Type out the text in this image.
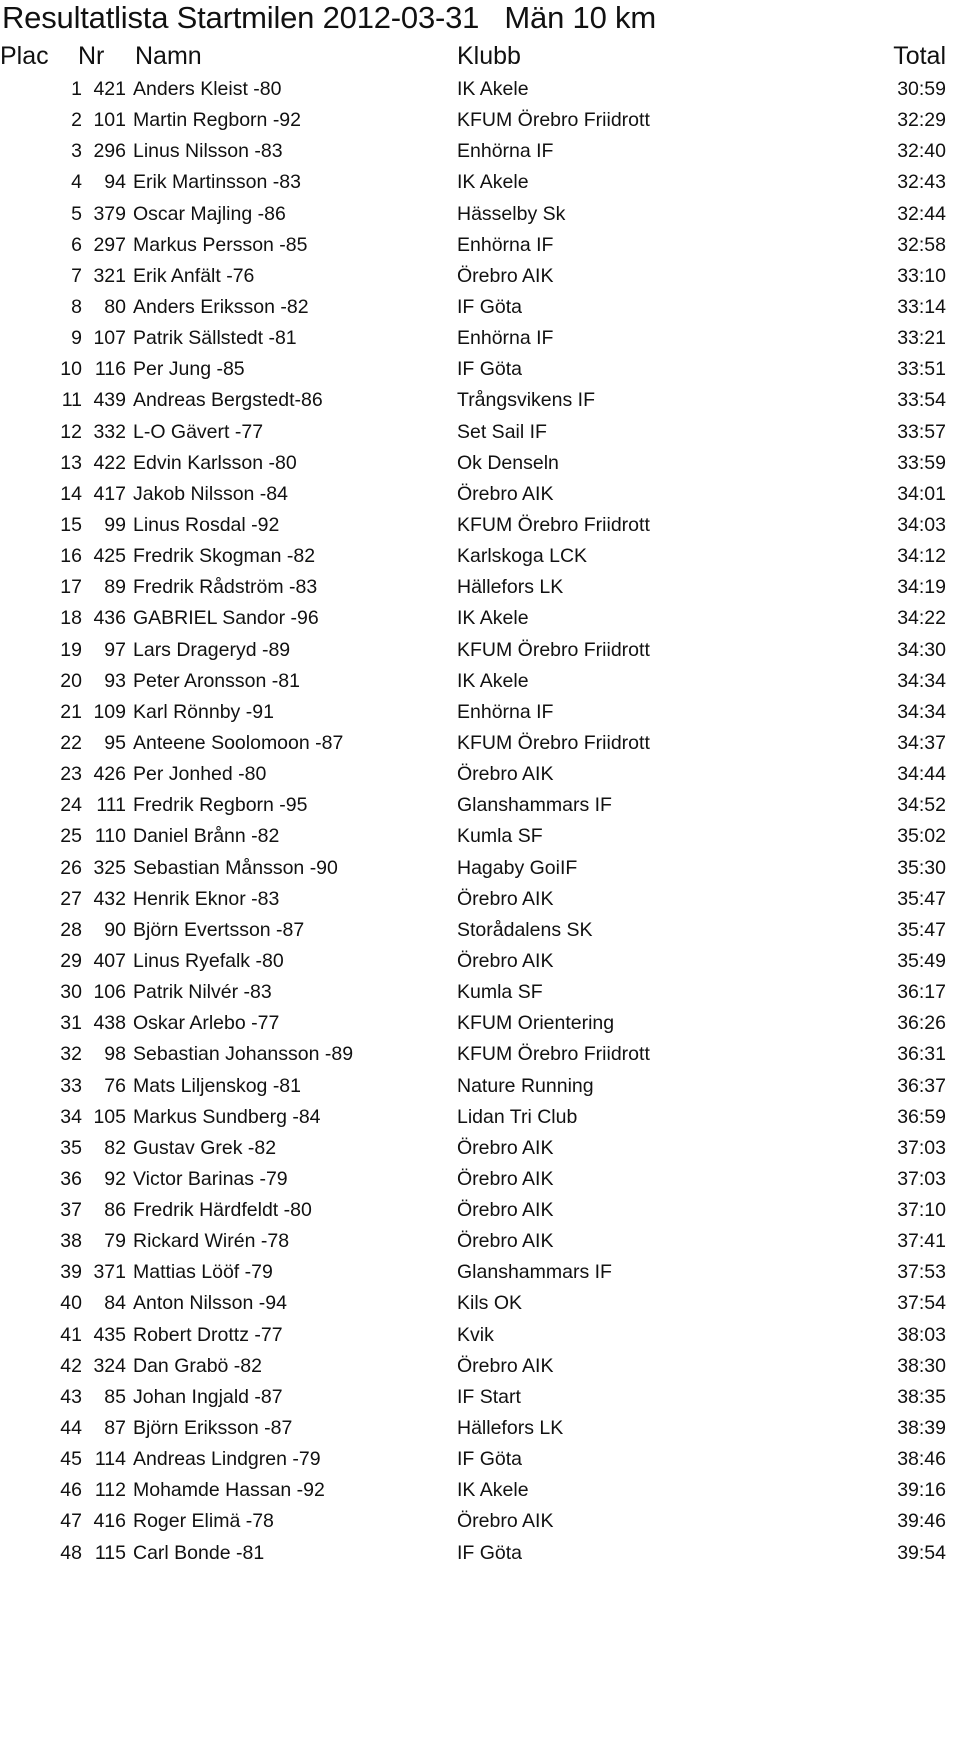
Resultatlista Startmilen 2012-03-31   Män 10 km
Plac Nr Namn	Klubb	Total
1 421 Anders Kleist -80	IK Akele	30:59
2 101 Martin Regborn -92	KFUM Örebro Friidrott	32:29
3 296 Linus Nilsson -83	Enhörna IF	32:40
4	94 Erik Martinsson -83	IK Akele	32:43
5 379 Oscar Majling -86	Hässelby Sk	32:44
6 297 Markus Persson -85	Enhörna IF	32:58
7 321 Erik Anfält -76	Örebro AIK	33:10
8	80 Anders Eriksson -82	IF Göta	33:14
9 107 Patrik Sällstedt -81	Enhörna IF	33:21
10 116 Per Jung -85	IF Göta	33:51
11 439 Andreas Bergstedt-86	Trångsvikens IF	33:54
12 332 L-O Gävert -77	Set Sail IF	33:57
13 422 Edvin Karlsson -80	Ok Denseln	33:59
14 417 Jakob Nilsson -84	Örebro AIK	34:01
15	99 Linus Rosdal -92	KFUM Örebro Friidrott	34:03
16 425 Fredrik Skogman -82	Karlskoga LCK	34:12
17	89 Fredrik Rådström -83	Hällefors LK	34:19
18 436 GABRIEL Sandor -96	IK Akele	34:22
19	97 Lars Drageryd -89	KFUM Örebro Friidrott	34:30
20	93 Peter Aronsson -81	IK Akele	34:34
21 109 Karl Rönnby -91	Enhörna IF	34:34
22	95 Anteene Soolomoon -87	KFUM Örebro Friidrott	34:37
23 426 Per Jonhed -80	Örebro AIK	34:44
24 111 Fredrik Regborn -95	Glanshammars IF	34:52
25 110 Daniel Brånn -82	Kumla SF	35:02
26 325 Sebastian Månsson -90	Hagaby GoiIF	35:30
27 432 Henrik Eknor -83	Örebro AIK	35:47
28	90 Björn Evertsson -87	Storådalens SK	35:47
29 407 Linus Ryefalk -80	Örebro AIK	35:49
30 106 Patrik Nilvér -83	Kumla SF	36:17
31 438 Oskar Arlebo -77	KFUM Orientering	36:26
32	98 Sebastian Johansson -89	KFUM Örebro Friidrott	36:31
33	76 Mats Liljenskog -81	Nature Running	36:37
34 105 Markus Sundberg -84	Lidan Tri Club	36:59
35	82 Gustav Grek -82	Örebro AIK	37:03
36	92 Victor Barinas -79	Örebro AIK	37:03
37	86 Fredrik Härdfeldt -80	Örebro AIK	37:10
38	79 Rickard Wirén -78	Örebro AIK	37:41
39 371 Mattias Lööf -79	Glanshammars IF	37:53
40	84 Anton Nilsson -94	Kils OK	37:54
41 435 Robert Drottz -77	Kvik	38:03
42 324 Dan Grabö -82	Örebro AIK	38:30
43	85 Johan Ingjald -87	IF Start	38:35
44	87 Björn Eriksson -87	Hällefors LK	38:39
45 114 Andreas Lindgren -79	IF Göta	38:46
46 112 Mohamde Hassan -92	IK Akele	39:16
47 416 Roger Elimä -78	Örebro AIK	39:46
48 115 Carl Bonde -81	IF Göta	39:54
